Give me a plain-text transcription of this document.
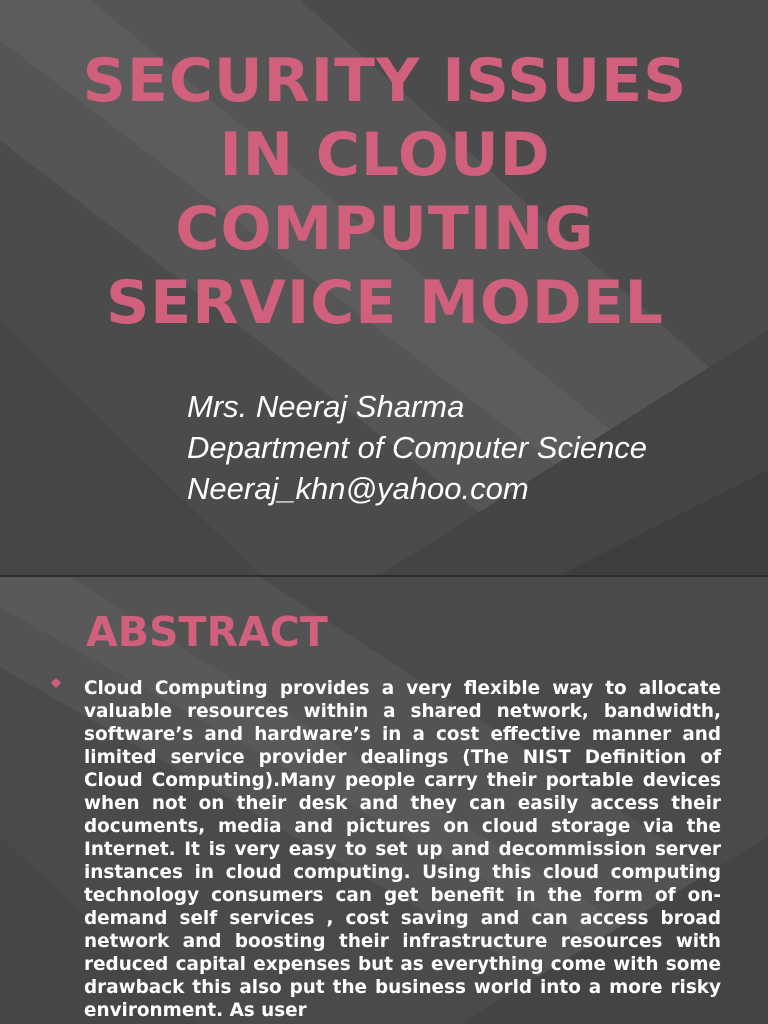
SECURITY ISSUES
IN CLOUD
COMPUTING
SERVICE MODEL
Mrs. Neeraj Sharma
Department of Computer Science
Neeraj_khn@yahoo.com
ABSTRACT

Cloud Computing provides a very flexible way to allocate valuable resources within a shared network, bandwidth, software’s and hardware’s in a cost effective manner and limited service provider dealings (The NIST Definition of Cloud Computing).Many people carry their portable devices when not on their desk and they can easily access their documents, media and pictures on cloud storage via the Internet. It is very easy to set up and decommission server instances in cloud computing. Using this cloud computing technology consumers can get benefit in the form of on-demand self services , cost saving and can access broad network and boosting their infrastructure resources with reduced capital expenses but as everything come with some drawback this also put the business world into a more risky environment. As user
